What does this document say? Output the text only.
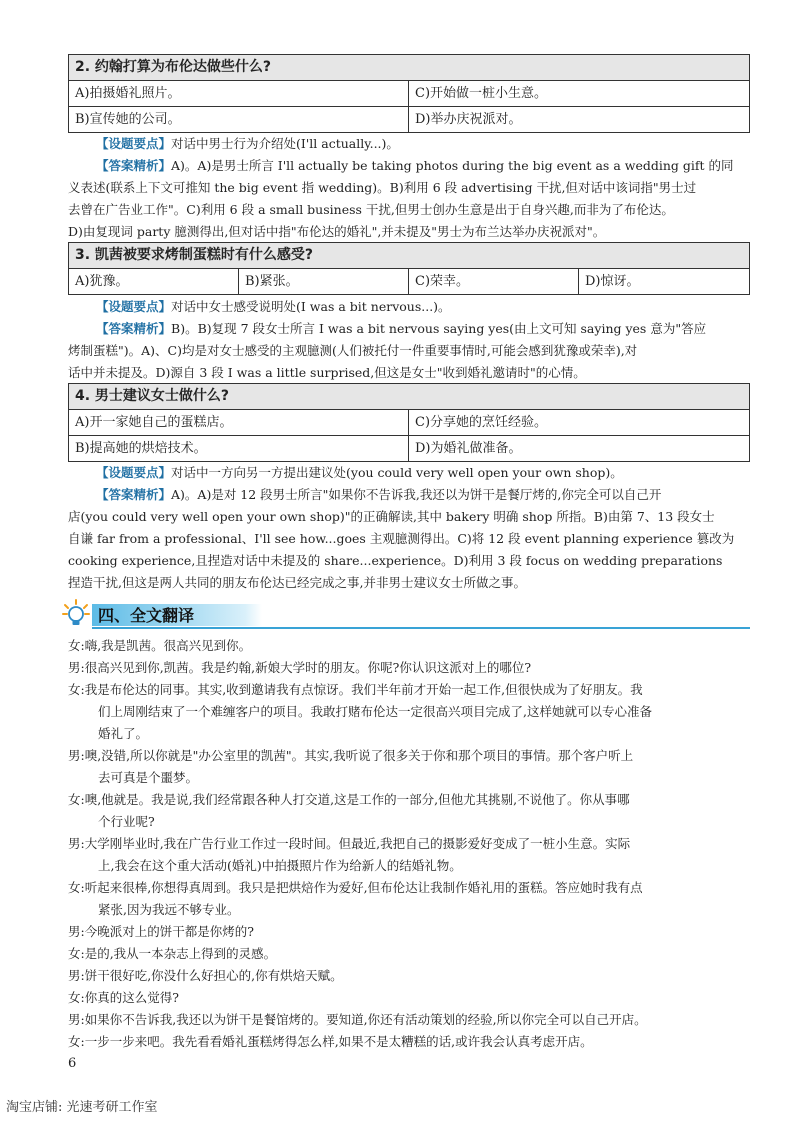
2. 约翰打算为布伦达做些什么?
A)拍摄婚礼照片。	C)开始做一桩小生意。
B)宣传她的公司。	D)举办庆祝派对。
【设题要点】对话中男士行为介绍处(I'll actually...)。
【答案精析】A)。A)是男士所言 I'll actually be taking photos during the big event as a wedding gift 的同
义表述(联系上下文可推知 the big event 指 wedding)。B)利用 6 段 advertising 干扰,但对话中该词指"男士过
去曾在广告业工作"。C)利用 6 段 a small business 干扰,但男士创办生意是出于自身兴趣,而非为了布伦达。
D)由复现词 party 臆测得出,但对话中指"布伦达的婚礼",并未提及"男士为布兰达举办庆祝派对"。
3. 凯茜被要求烤制蛋糕时有什么感受?
A)犹豫。	B)紧张。	C)荣幸。	D)惊讶。
【设题要点】对话中女士感受说明处(I was a bit nervous...)。
【答案精析】B)。B)复现 7 段女士所言 I was a bit nervous saying yes(由上文可知 saying yes 意为"答应
烤制蛋糕")。A)、C)均是对女士感受的主观臆测(人们被托付一件重要事情时,可能会感到犹豫或荣幸),对
话中并未提及。D)源自 3 段 I was a little surprised,但这是女士"收到婚礼邀请时"的心情。
4. 男士建议女士做什么?
A)开一家她自己的蛋糕店。	C)分享她的烹饪经验。
B)提高她的烘焙技术。	D)为婚礼做准备。
【设题要点】对话中一方向另一方提出建议处(you could very well open your own shop)。
【答案精析】A)。A)是对 12 段男士所言"如果你不告诉我,我还以为饼干是餐厅烤的,你完全可以自己开
店(you could very well open your own shop)"的正确解读,其中 bakery 明确 shop 所指。B)由第 7、13 段女士
自谦 far from a professional、I'll see how...goes 主观臆测得出。C)将 12 段 event planning experience 篡改为
cooking experience,且捏造对话中未提及的 share...experience。D)利用 3 段 focus on wedding preparations
捏造干扰,但这是两人共同的朋友布伦达已经完成之事,并非男士建议女士所做之事。
四、全文翻译
女:嗨,我是凯茜。很高兴见到你。
男:很高兴见到你,凯茜。我是约翰,新娘大学时的朋友。你呢?你认识这派对上的哪位?
女:我是布伦达的同事。其实,收到邀请我有点惊讶。我们半年前才开始一起工作,但很快成为了好朋友。我
们上周刚结束了一个难缠客户的项目。我敢打赌布伦达一定很高兴项目完成了,这样她就可以专心准备
婚礼了。
男:噢,没错,所以你就是"办公室里的凯茜"。其实,我听说了很多关于你和那个项目的事情。那个客户听上
去可真是个噩梦。
女:噢,他就是。我是说,我们经常跟各种人打交道,这是工作的一部分,但他尤其挑剔,不说他了。你从事哪
个行业呢?
男:大学刚毕业时,我在广告行业工作过一段时间。但最近,我把自己的摄影爱好变成了一桩小生意。实际
上,我会在这个重大活动(婚礼)中拍摄照片作为给新人的结婚礼物。
女:听起来很棒,你想得真周到。我只是把烘焙作为爱好,但布伦达让我制作婚礼用的蛋糕。答应她时我有点
紧张,因为我远不够专业。
男:今晚派对上的饼干都是你烤的?
女:是的,我从一本杂志上得到的灵感。
男:饼干很好吃,你没什么好担心的,你有烘焙天赋。
女:你真的这么觉得?
男:如果你不告诉我,我还以为饼干是餐馆烤的。要知道,你还有活动策划的经验,所以你完全可以自己开店。
女:一步一步来吧。我先看看婚礼蛋糕烤得怎么样,如果不是太糟糕的话,或许我会认真考虑开店。
6
淘宝店铺: 光速考研工作室
